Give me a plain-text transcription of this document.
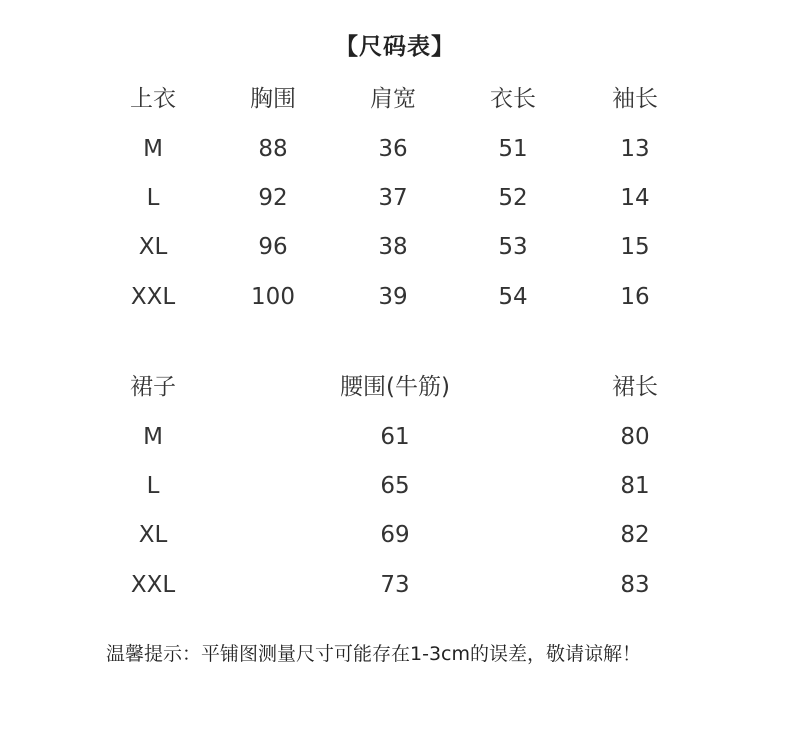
【尺码表】
上衣	胸围	肩宽	衣长	袖长
M	88	36	51	13
L	92	37	52	14
XL	96	38	53	15
XXL	100	39	54	16
裙子	腰围(牛筋)	裙长
M	61	80
L	65	81
XL	69	82
XXL	73	83
温馨提示：平铺图测量尺寸可能存在1-3cm的误差，敬请谅解！
